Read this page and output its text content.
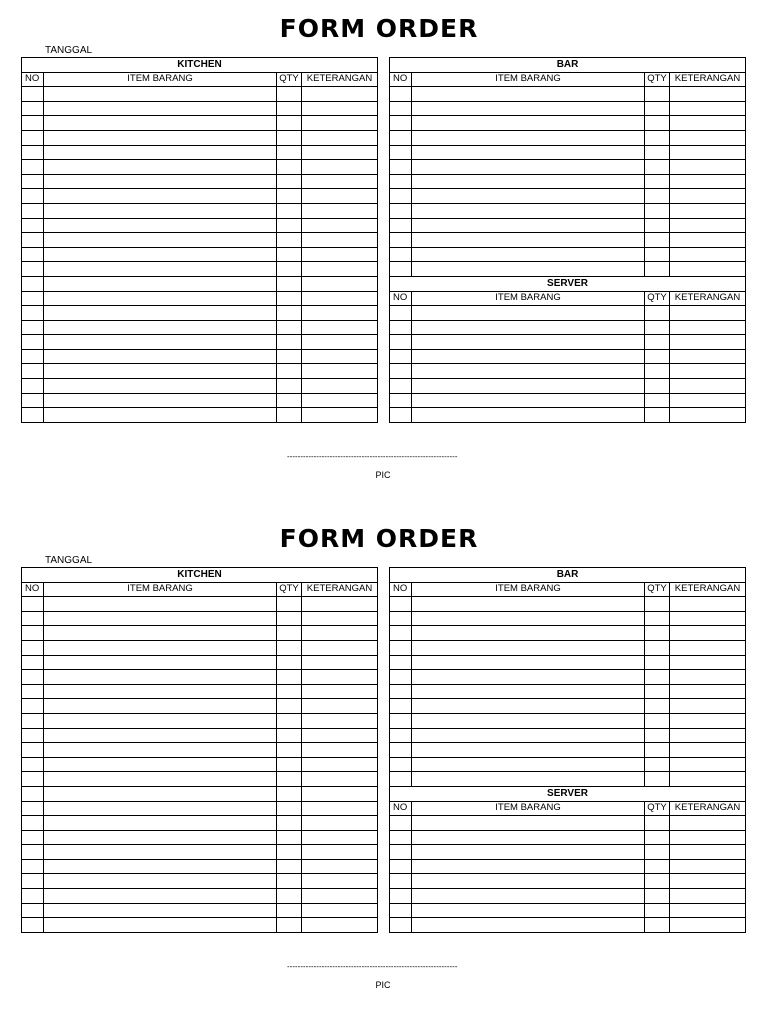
FORM ORDER
TANGGAL
KITCHEN			
NO	ITEM BARANG	QTY	KETERANGAN

BAR			
NO	ITEM BARANG	QTY	KETERANGAN

SERVER			
NO	ITEM BARANG	QTY	KETERANGAN

----------------------------------------------------------------
PIC
FORM ORDER
TANGGAL
KITCHEN			
NO	ITEM BARANG	QTY	KETERANGAN

BAR			
NO	ITEM BARANG	QTY	KETERANGAN

SERVER			
NO	ITEM BARANG	QTY	KETERANGAN

----------------------------------------------------------------
PIC
